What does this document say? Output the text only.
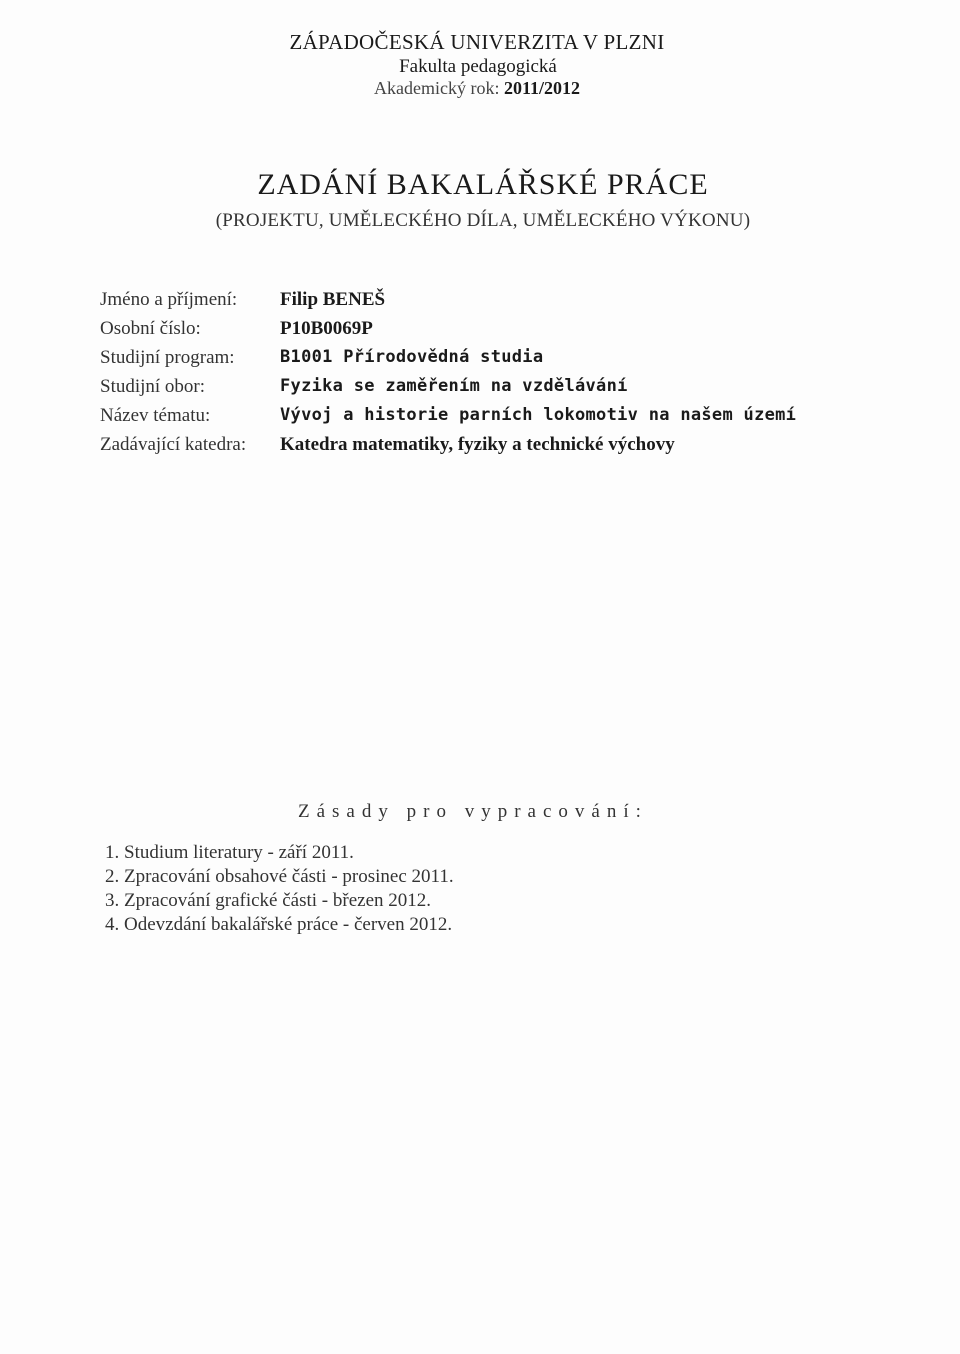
ZÁPADOČESKÁ UNIVERZITA V PLZNI
Fakulta pedagogická
Akademický rok: 2011/2012
ZADÁNÍ BAKALÁŘSKÉ PRÁCE
(PROJEKTU, UMĚLECKÉHO DÍLA, UMĚLECKÉHO VÝKONU)
Jméno a příjmení: Filip BENEŠ
Osobní číslo:	P10B0069P
Studijní program:	B1001 Přírodovědná studia
Studijní obor:	Fyzika se zaměřením na vzdělávání
Název tématu:	Vývoj a historie parních lokomotiv na našem území
Zadávající katedra: Katedra matematiky, fyziky a technické výchovy
Zásady pro vypracování:
1. Studium literatury - září 2011.
2. Zpracování obsahové části - prosinec 2011.
3. Zpracování grafické části - březen 2012.
4. Odevzdání bakalářské práce - červen 2012.
